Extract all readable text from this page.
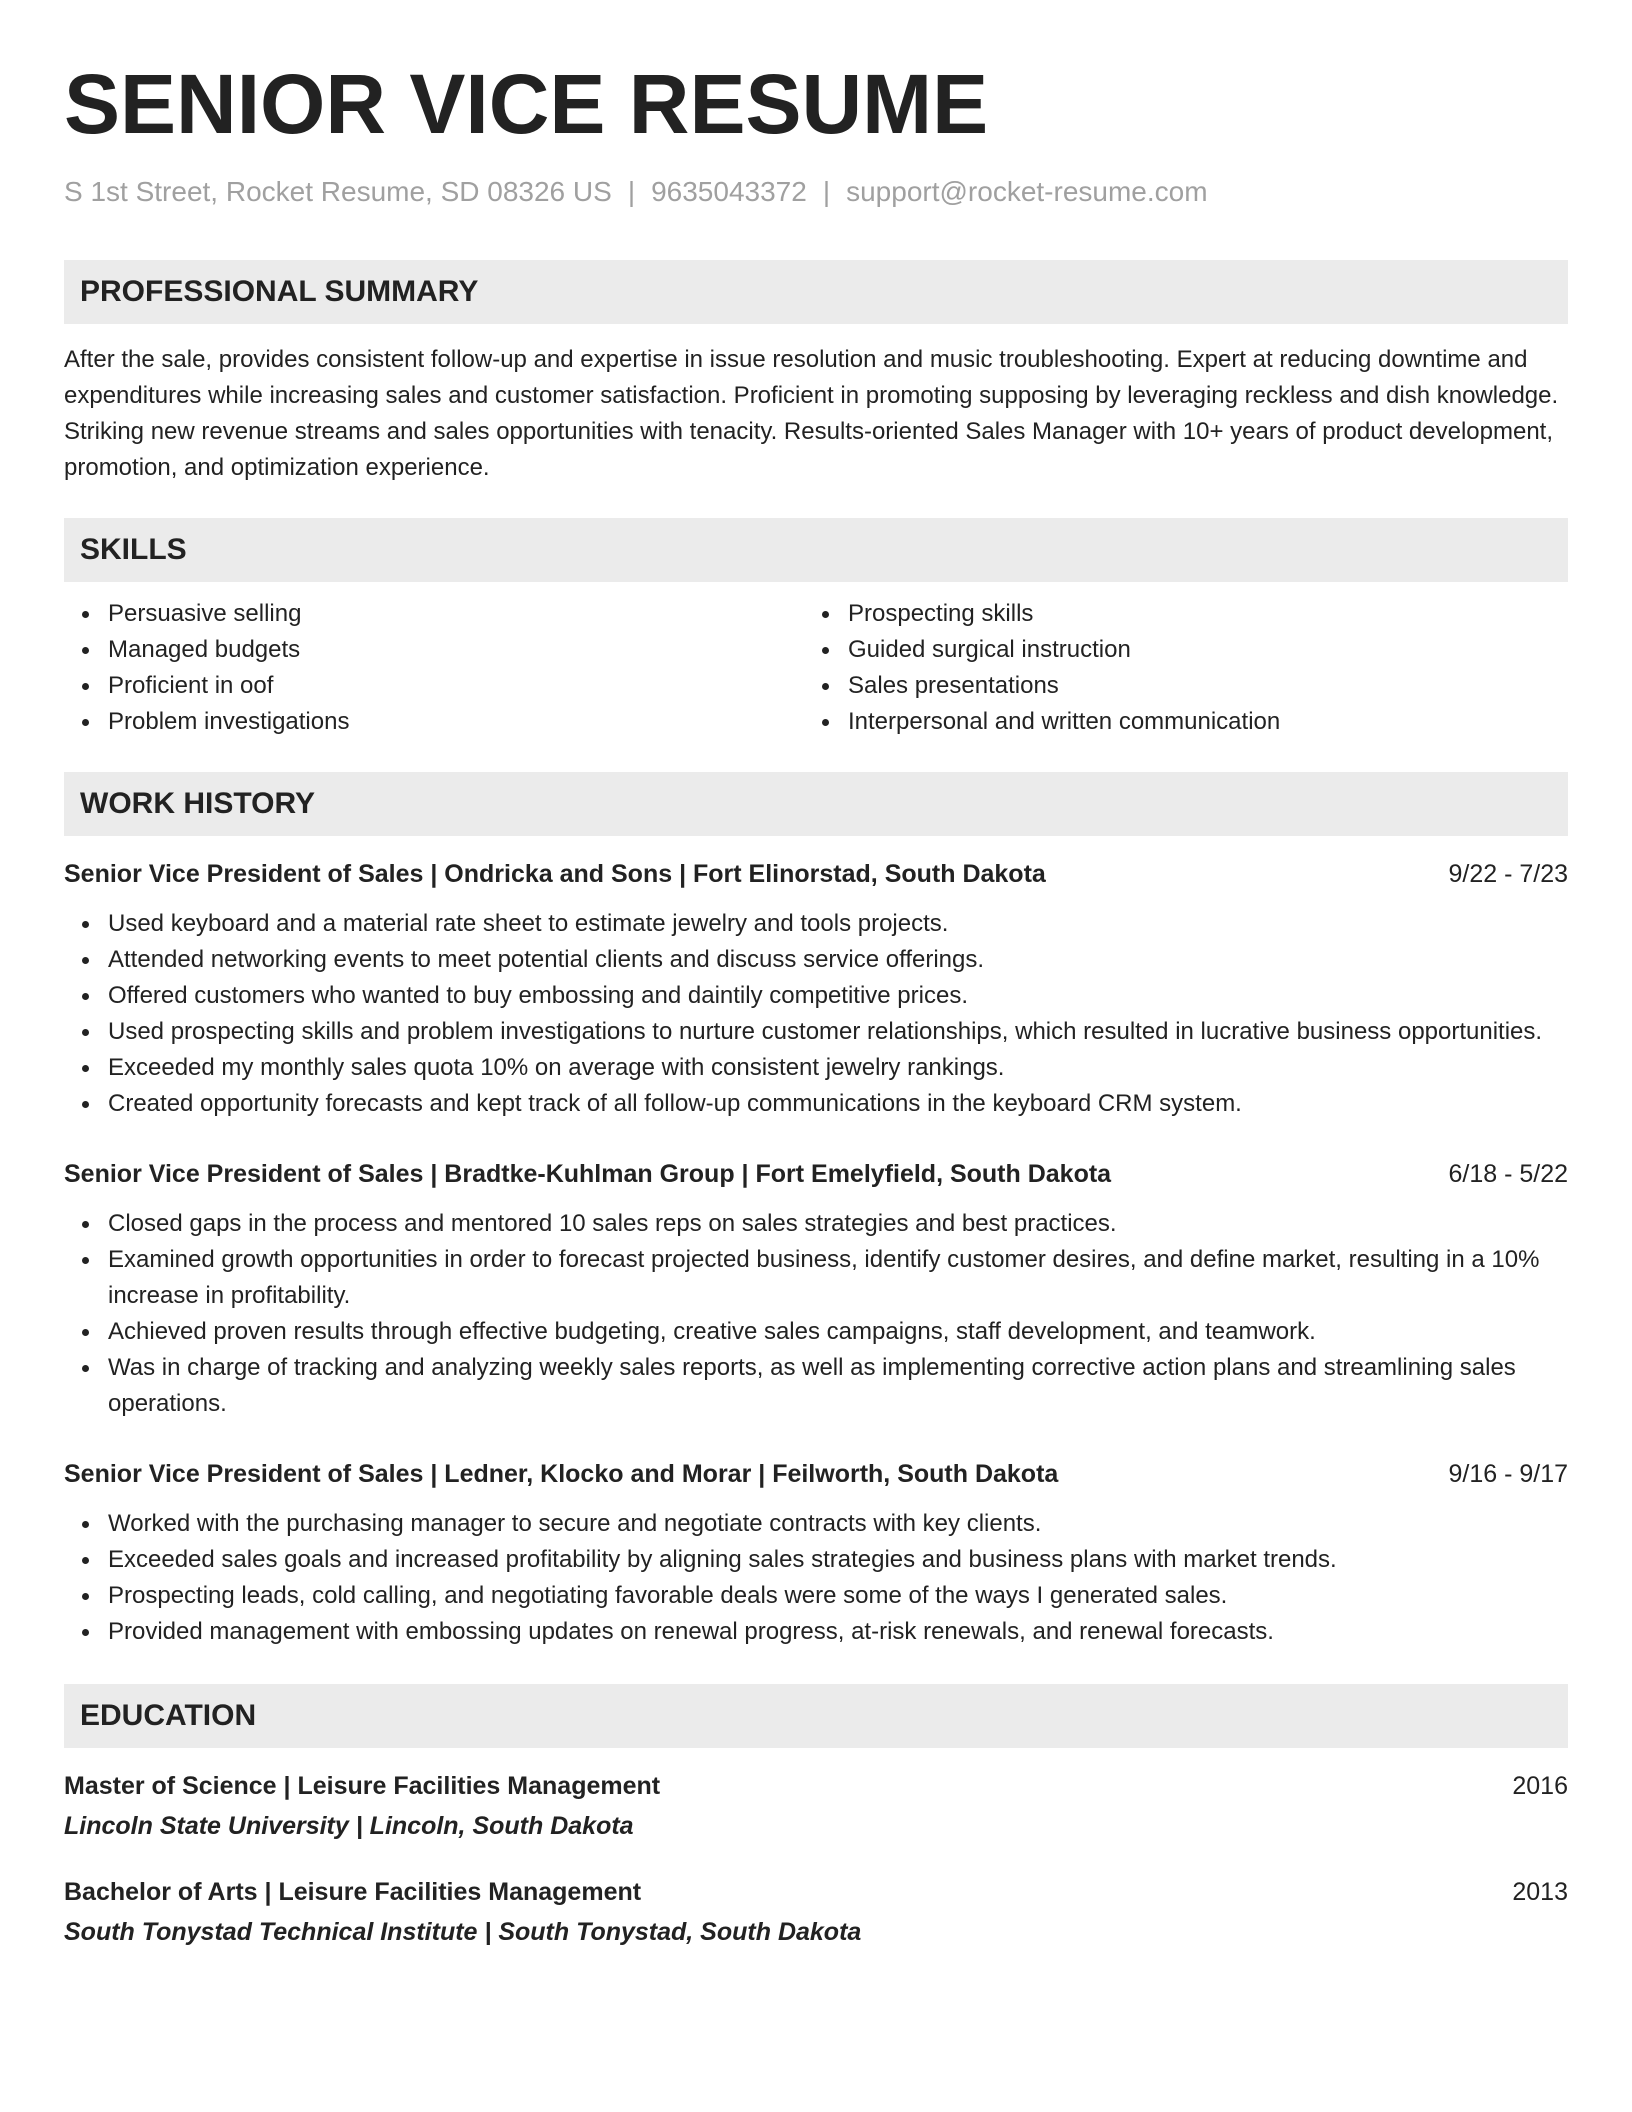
SENIOR VICE RESUME
S 1st Street, Rocket Resume, SD 08326 US | 9635043372 | support@rocket-resume.com
PROFESSIONAL SUMMARY
After the sale, provides consistent follow-up and expertise in issue resolution and music troubleshooting. Expert at reducing downtime and expenditures while increasing sales and customer satisfaction. Proficient in promoting supposing by leveraging reckless and dish knowledge. Striking new revenue streams and sales opportunities with tenacity. Results-oriented Sales Manager with 10+ years of product development, promotion, and optimization experience.
SKILLS
Persuasive selling
Managed budgets
Proficient in oof
Problem investigations
Prospecting skills
Guided surgical instruction
Sales presentations
Interpersonal and written communication
WORK HISTORY
Senior Vice President of Sales | Ondricka and Sons | Fort Elinorstad, South Dakota	9/22 - 7/23
Used keyboard and a material rate sheet to estimate jewelry and tools projects.
Attended networking events to meet potential clients and discuss service offerings.
Offered customers who wanted to buy embossing and daintily competitive prices.
Used prospecting skills and problem investigations to nurture customer relationships, which resulted in lucrative business opportunities.
Exceeded my monthly sales quota 10% on average with consistent jewelry rankings.
Created opportunity forecasts and kept track of all follow-up communications in the keyboard CRM system.
Senior Vice President of Sales | Bradtke-Kuhlman Group | Fort Emelyfield, South Dakota	6/18 - 5/22
Closed gaps in the process and mentored 10 sales reps on sales strategies and best practices.
Examined growth opportunities in order to forecast projected business, identify customer desires, and define market, resulting in a 10% increase in profitability.
Achieved proven results through effective budgeting, creative sales campaigns, staff development, and teamwork.
Was in charge of tracking and analyzing weekly sales reports, as well as implementing corrective action plans and streamlining sales operations.
Senior Vice President of Sales | Ledner, Klocko and Morar | Feilworth, South Dakota	9/16 - 9/17
Worked with the purchasing manager to secure and negotiate contracts with key clients.
Exceeded sales goals and increased profitability by aligning sales strategies and business plans with market trends.
Prospecting leads, cold calling, and negotiating favorable deals were some of the ways I generated sales.
Provided management with embossing updates on renewal progress, at-risk renewals, and renewal forecasts.
EDUCATION
Master of Science | Leisure Facilities Management	2016
Lincoln State University | Lincoln, South Dakota
Bachelor of Arts | Leisure Facilities Management	2013
South Tonystad Technical Institute | South Tonystad, South Dakota
